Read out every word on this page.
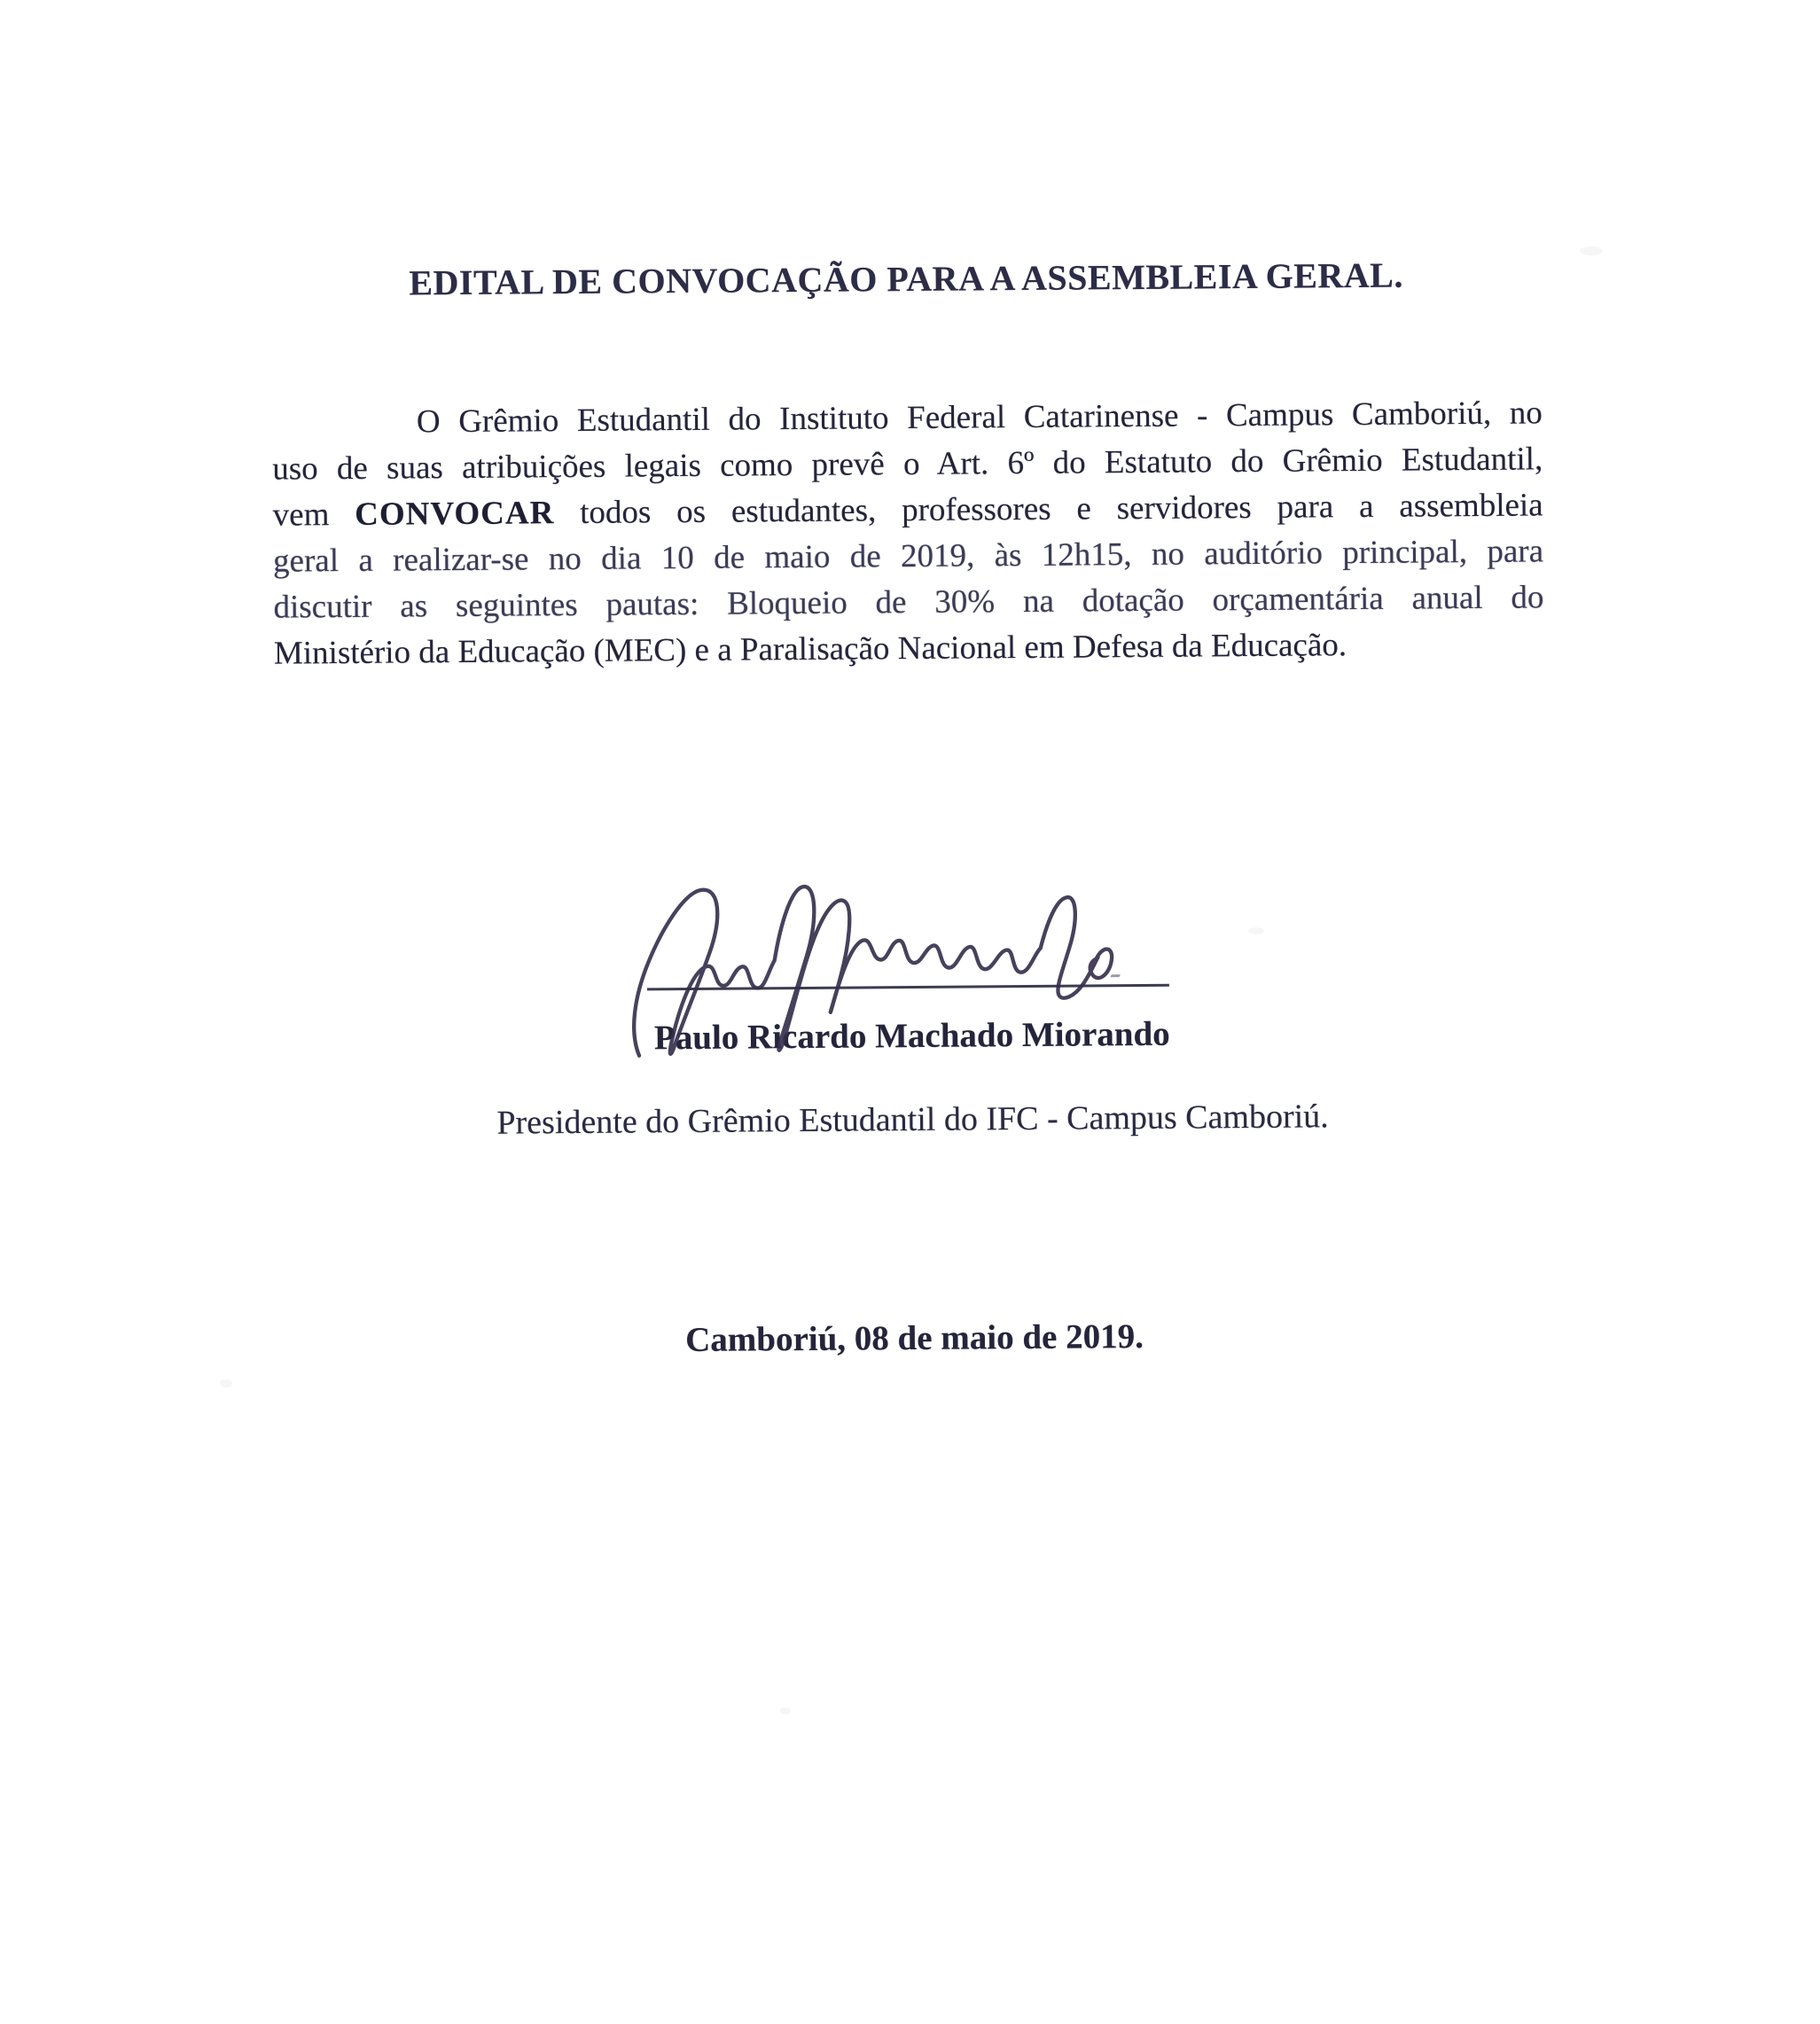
EDITAL DE CONVOCAÇÃO PARA A ASSEMBLEIA GERAL.
O Grêmio Estudantil do Instituto Federal Catarinense - Campus Camboriú, no
uso de suas atribuições legais como prevê o Art. 6º do Estatuto do Grêmio Estudantil,
vem CONVOCAR todos os estudantes, professores e servidores para a assembleia
geral a realizar-se no dia 10 de maio de 2019, às 12h15, no auditório principal, para
discutir as seguintes pautas: Bloqueio de 30% na dotação orçamentária anual do
Ministério da Educação (MEC) e a Paralisação Nacional em Defesa da Educação.
Paulo Ricardo Machado Miorando
Presidente do Grêmio Estudantil do IFC - Campus Camboriú.
Camboriú, 08 de maio de 2019.
